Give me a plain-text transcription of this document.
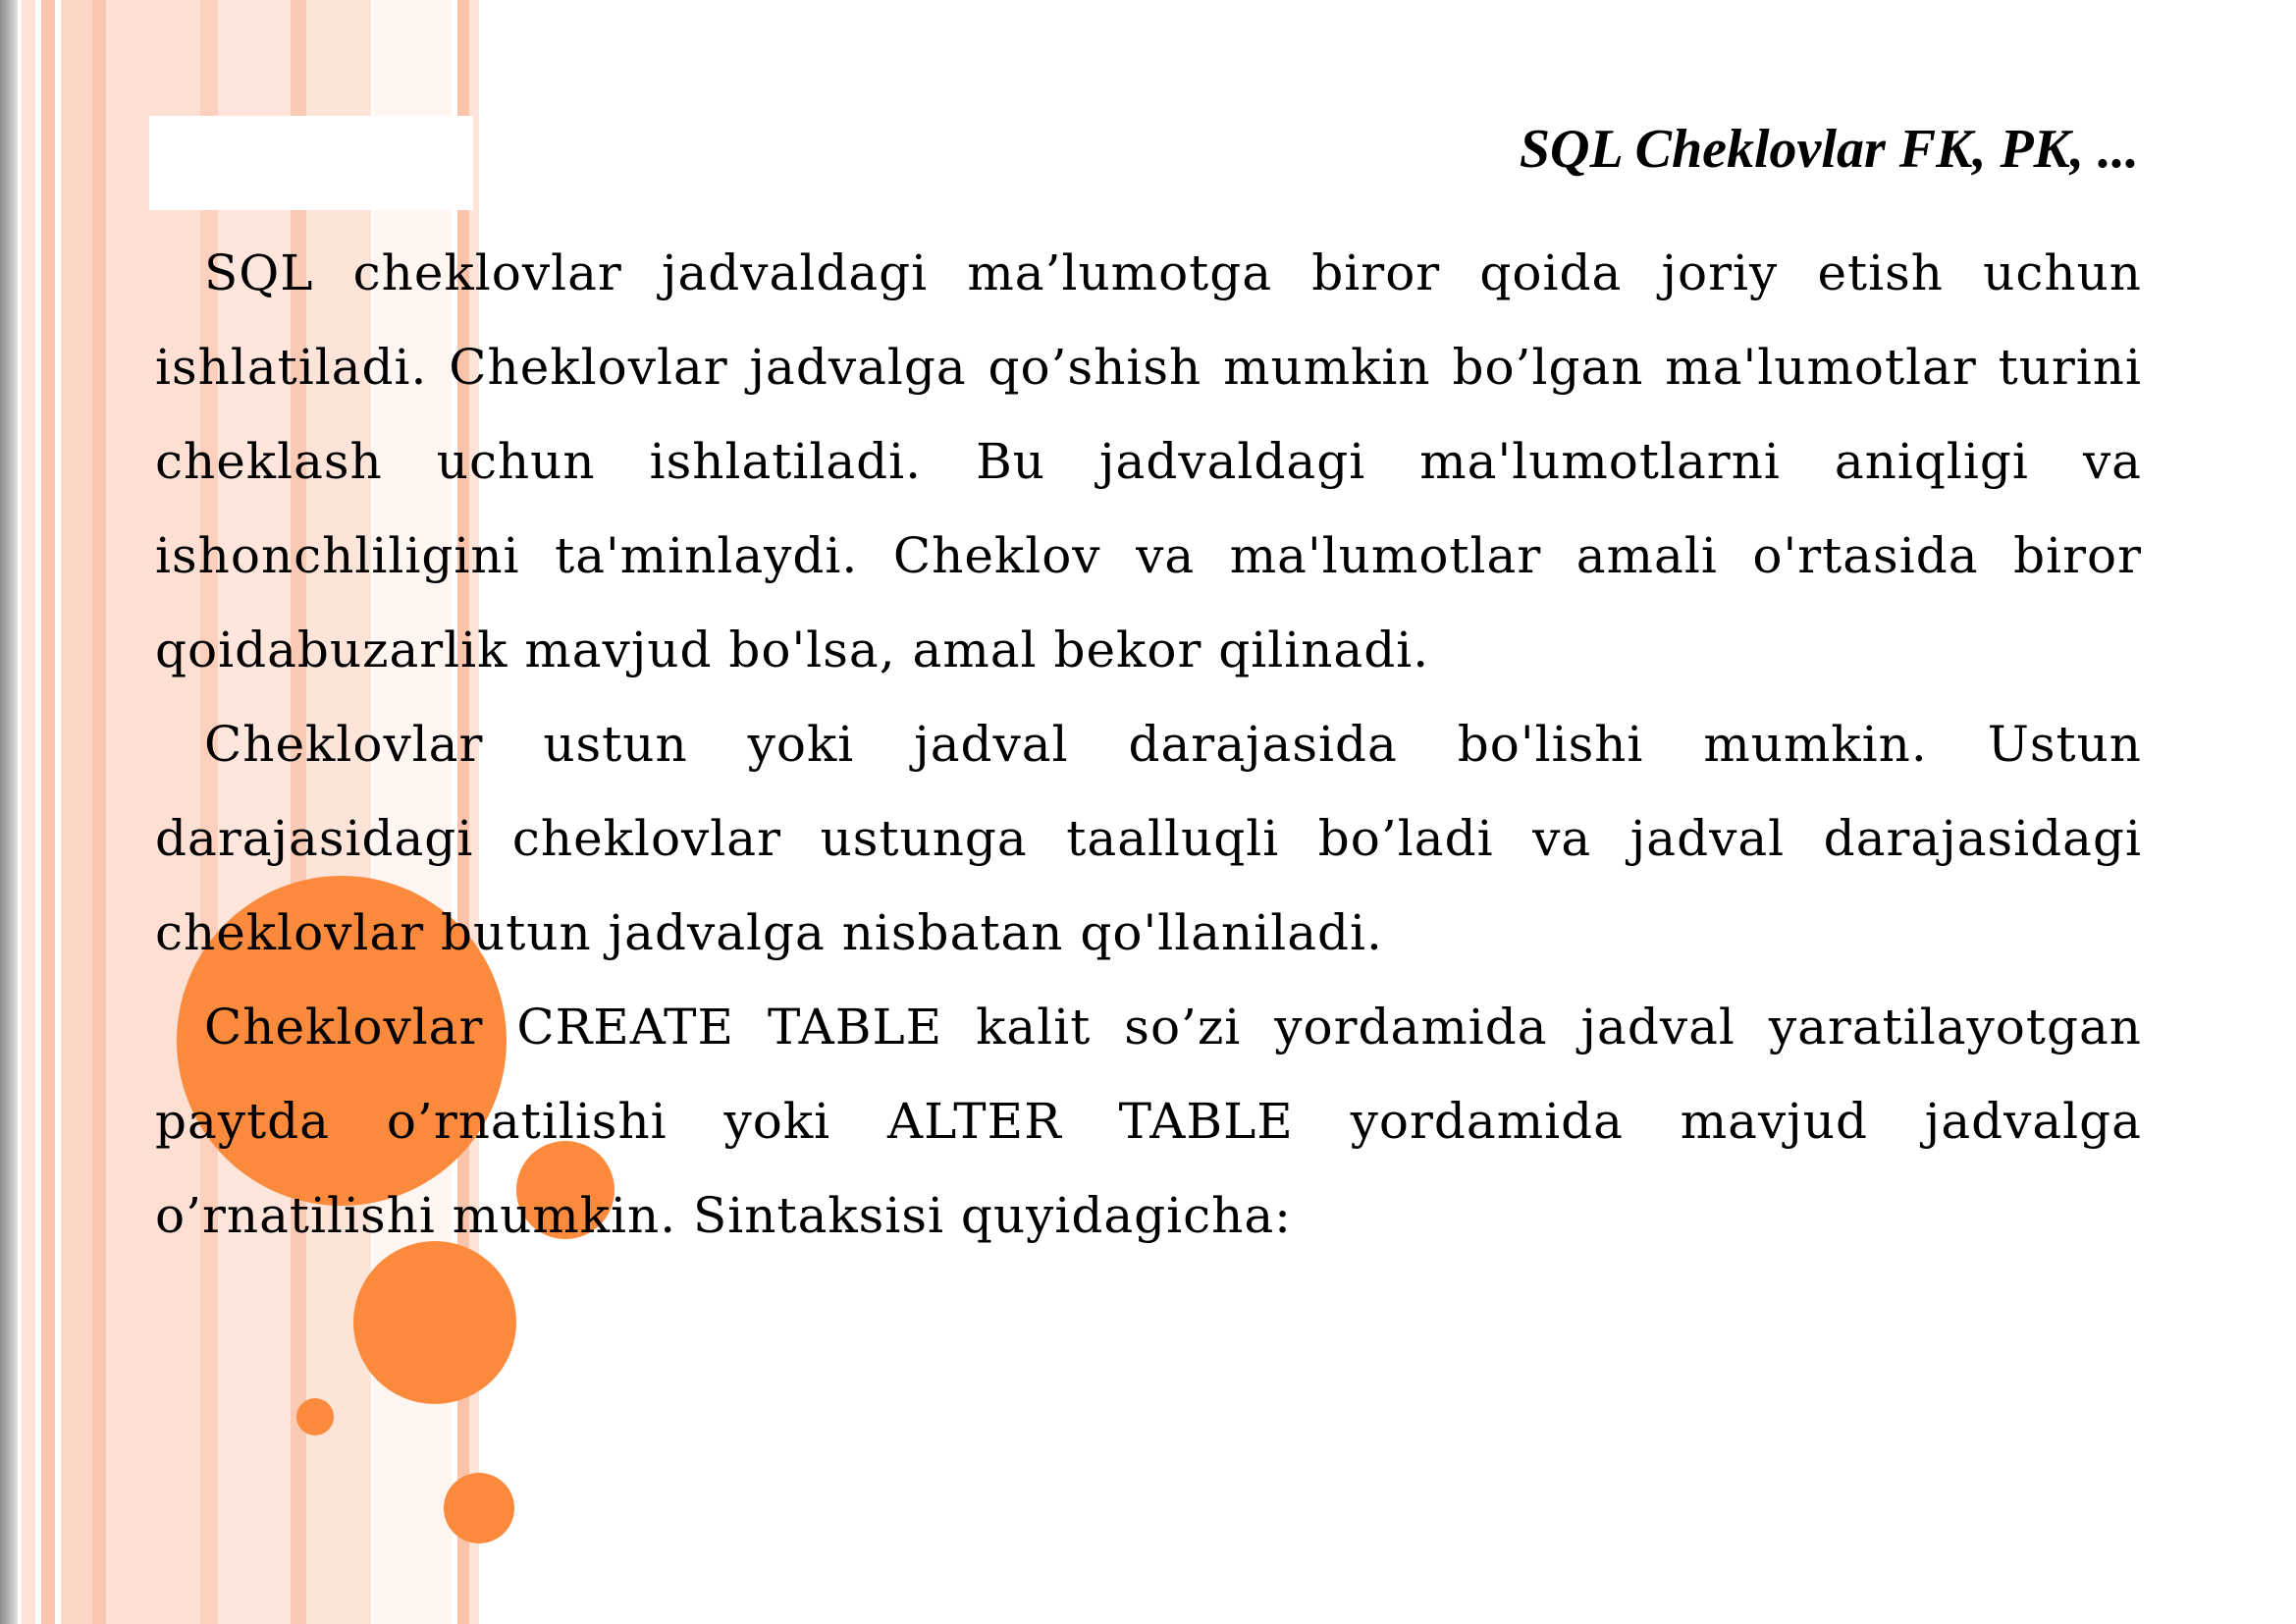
SQL Cheklovlar FK, PK, ...

SQL cheklovlar jadvaldagi ma’lumotga biror qoida joriy etish uchun ishlatiladi. Cheklovlar jadvalga qo’shish mumkin bo’lgan ma'lumotlar turini cheklash uchun ishlatiladi. Bu jadvaldagi ma'lumotlarni aniqligi va ishonchliligini ta'minlaydi. Cheklov va ma'lumotlar amali o'rtasida biror qoidabuzarlik mavjud bo'lsa, amal bekor qilinadi.

Cheklovlar ustun yoki jadval darajasida bo'lishi mumkin. Ustun darajasidagi cheklovlar ustunga taalluqli bo’ladi va jadval darajasidagi cheklovlar butun jadvalga nisbatan qo'llaniladi.

Cheklovlar CREATE TABLE kalit so’zi yordamida jadval yaratilayotgan paytda o’rnatilishi yoki ALTER TABLE yordamida mavjud jadvalga o’rnatilishi mumkin. Sintaksisi quyidagicha:
